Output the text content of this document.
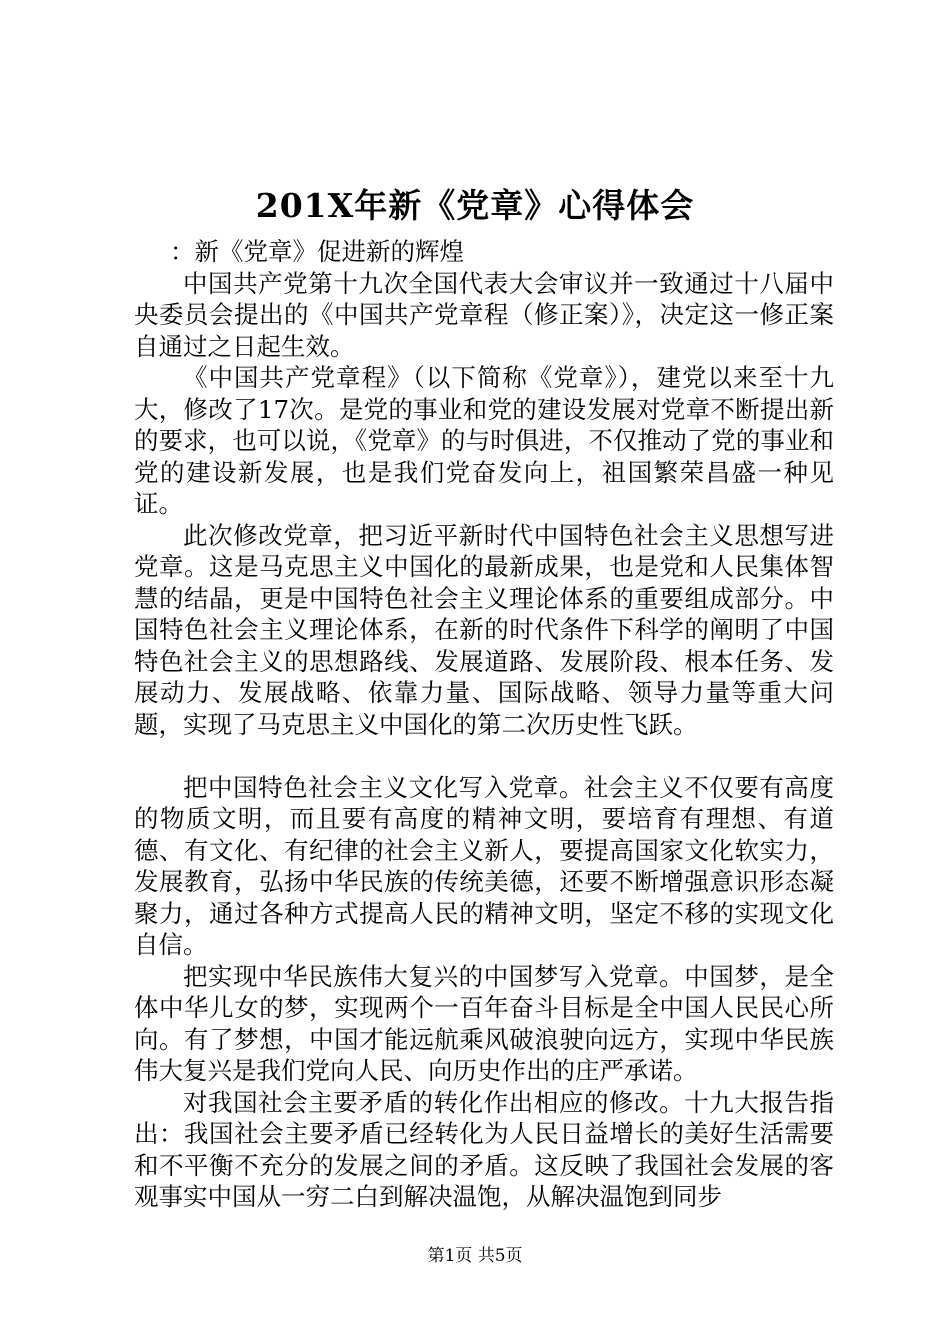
201X年新《党章》心得体会
：新《党章》促进新的辉煌

中国共产党第十九次全国代表大会审议并一致通过十八届中央委员会提出的《中国共产党章程（修正案）》，决定这一修正案自通过之日起生效。

《中国共产党章程》（以下简称《党章》），建党以来至十九大，修改了17次。是党的事业和党的建设发展对党章不断提出新的要求，也可以说，《党章》的与时俱进，不仅推动了党的事业和党的建设新发展，也是我们党奋发向上，祖国繁荣昌盛一种见证。

此次修改党章，把习近平新时代中国特色社会主义思想写进党章。这是马克思主义中国化的最新成果，也是党和人民集体智慧的结晶，更是中国特色社会主义理论体系的重要组成部分。中国特色社会主义理论体系，在新的时代条件下科学的阐明了中国特色社会主义的思想路线、发展道路、发展阶段、根本任务、发展动力、发展战略、依靠力量、国际战略、领导力量等重大问题，实现了马克思主义中国化的第二次历史性飞跃。

把中国特色社会主义文化写入党章。社会主义不仅要有高度的物质文明，而且要有高度的精神文明，要培育有理想、有道德、有文化、有纪律的社会主义新人，要提高国家文化软实力，发展教育，弘扬中华民族的传统美德，还要不断增强意识形态凝聚力，通过各种方式提高人民的精神文明，坚定不移的实现文化自信。

把实现中华民族伟大复兴的中国梦写入党章。中国梦，是全体中华儿女的梦，实现两个一百年奋斗目标是全中国人民民心所向。有了梦想，中国才能远航乘风破浪驶向远方，实现中华民族伟大复兴是我们党向人民、向历史作出的庄严承诺。

对我国社会主要矛盾的转化作出相应的修改。十九大报告指出：我国社会主要矛盾已经转化为人民日益增长的美好生活需要和不平衡不充分的发展之间的矛盾。这反映了我国社会发展的客观事实中国从一穷二白到解决温饱，从解决温饱到同步

第1页 共5页
